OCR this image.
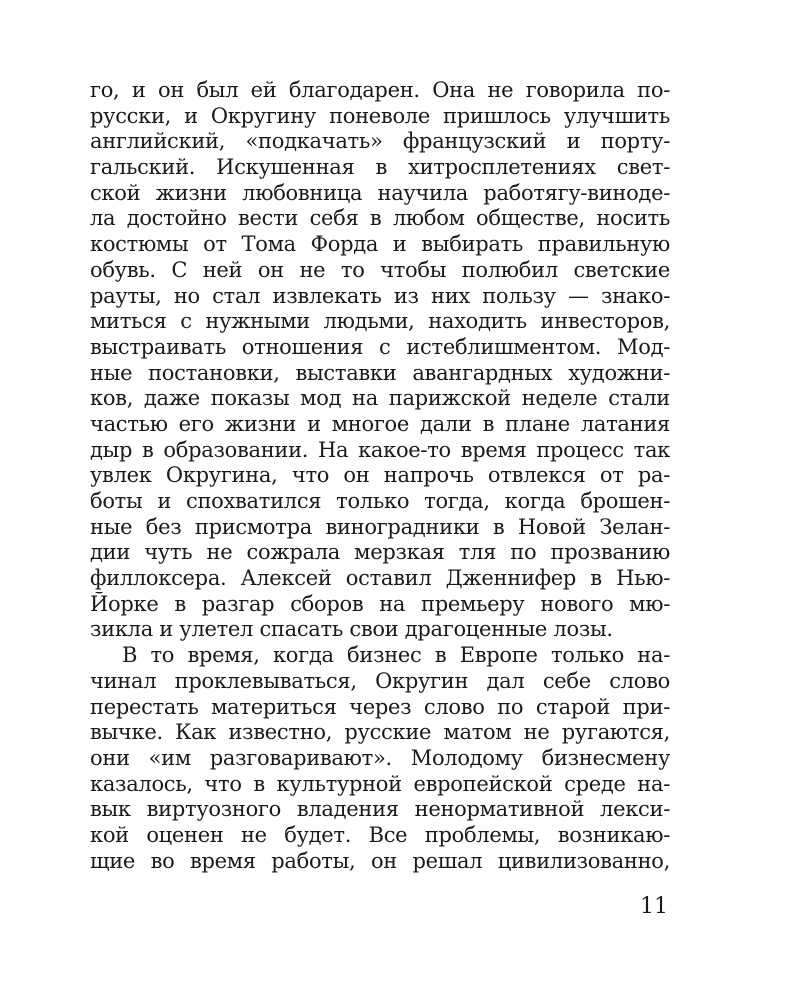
го, и он был ей благодарен. Она не говорила по-
русски, и Округину поневоле пришлось улучшить
английский, «подкачать» французский и порту-
гальский. Искушенная в хитросплетениях свет-
ской жизни любовница научила работягу-виноде-
ла достойно вести себя в любом обществе, носить
костюмы от Тома Форда и выбирать правильную
обувь. С ней он не то чтобы полюбил светские
рауты, но стал извлекать из них пользу — знако-
миться с нужными людьми, находить инвесторов,
выстраивать отношения с истеблишментом. Мод-
ные постановки, выставки авангардных художни-
ков, даже показы мод на парижской неделе стали
частью его жизни и многое дали в плане латания
дыр в образовании. На какое-то время процесс так
увлек Округина, что он напрочь отвлекся от ра-
боты и спохватился только тогда, когда брошен-
ные без присмотра виноградники в Новой Зелан-
дии чуть не сожрала мерзкая тля по прозванию
филлоксера. Алексей оставил Дженнифер в Нью-
Йорке в разгар сборов на премьеру нового мю-
зикла и улетел спасать свои драгоценные лозы.
В то время, когда бизнес в Европе только на-
чинал проклевываться, Округин дал себе слово
перестать материться через слово по старой при-
вычке. Как известно, русские матом не ругаются,
они «им разговаривают». Молодому бизнесмену
казалось, что в культурной европейской среде на-
вык виртуозного владения ненормативной лекси-
кой оценен не будет. Все проблемы, возникаю-
щие во время работы, он решал цивилизованно,
11
